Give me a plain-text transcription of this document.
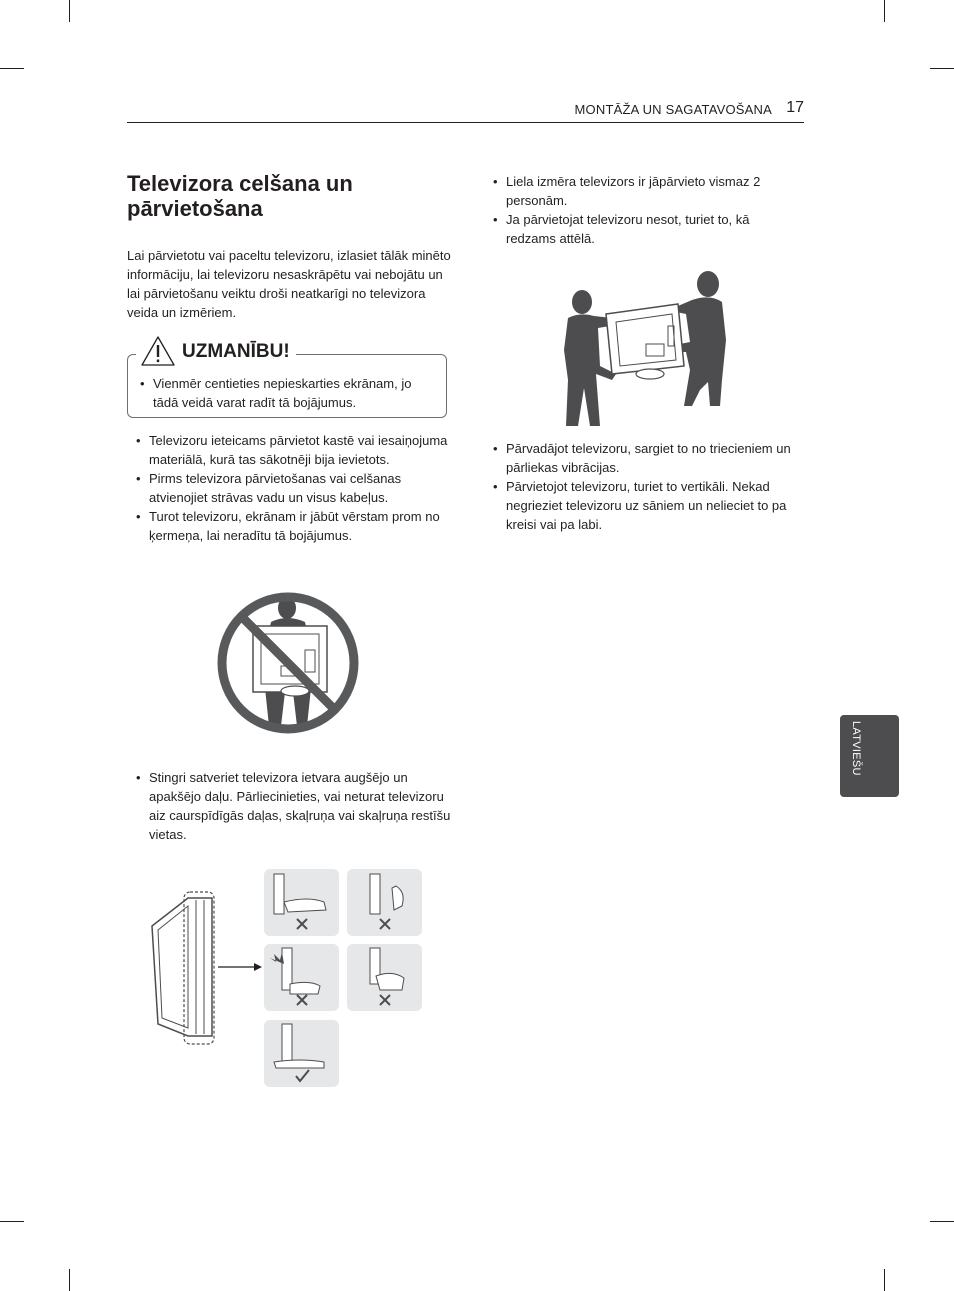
MONTĀŽA UN SAGATAVOŠANA 17
Televizora celšana un pārvietošana

Lai pārvietotu vai paceltu televizoru, izlasiet tālāk minēto informāciju, lai televizoru nesaskrāpētu vai nebojātu un lai pārvietošanu veiktu droši neatkarīgi no televizora veida un izmēriem.

UZMANĪBU!
• Vienmēr centieties nepieskarties ekrānam, jo tādā veidā varat radīt tā bojājumus.
• Televizoru ieteicams pārvietot kastē vai iesaiņojuma materiālā, kurā tas sākotnēji bija ievietots.
• Pirms televizora pārvietošanas vai celšanas atvienojiet strāvas vadu un visus kabeļus.
• Turot televizoru, ekrānam ir jābūt vērstam prom no ķermeņa, lai neradītu tā bojājumus.
• Stingri satveriet televizora ietvara augšējo un apakšējo daļu. Pārliecinieties, vai neturat televizoru aiz caurspīdīgās daļas, skaļruņa vai skaļruņa restīšu vietas.
• Liela izmēra televizors ir jāpārvieto vismaz 2 personām.
• Ja pārvietojat televizoru nesot, turiet to, kā redzams attēlā.
• Pārvadājot televizoru, sargiet to no triecieniem un pārliekas vibrācijas.
• Pārvietojot televizoru, turiet to vertikāli. Nekad negrieziet televizoru uz sāniem un nelieciet to pa kreisi vai pa labi.
LATVIEŠU
